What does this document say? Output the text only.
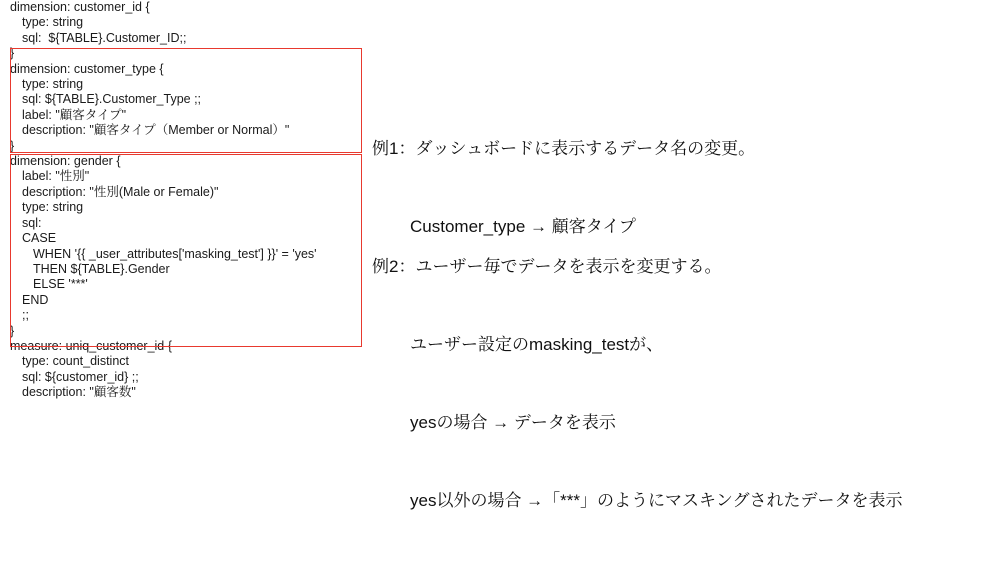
dimension: customer_id {
type: string
sql:  ${TABLE}.Customer_ID;;
}
dimension: customer_type {
type: string
sql: ${TABLE}.Customer_Type ;;
label: "顧客タイプ"
description: "顧客タイプ（Member or Normal）"
}
dimension: gender {
label: "性別"
description: "性別(Male or Female)"
type: string
sql:
CASE
WHEN '{{ _user_attributes['masking_test'] }}' = 'yes'
THEN ${TABLE}.Gender
ELSE '***'
END
;;
}
measure: uniq_customer_id {
type: count_distinct
sql: ${customer_id} ;;
description: "顧客数"

例1：ダッシュボードに表示するデータ名の変更。

Customer_type → 顧客タイプ

例2：ユーザー毎でデータを表示を変更する。

ユーザー設定のmasking_testが、

yesの場合 → データを表示

yes以外の場合 →「***」のようにマスキングされたデータを表示
